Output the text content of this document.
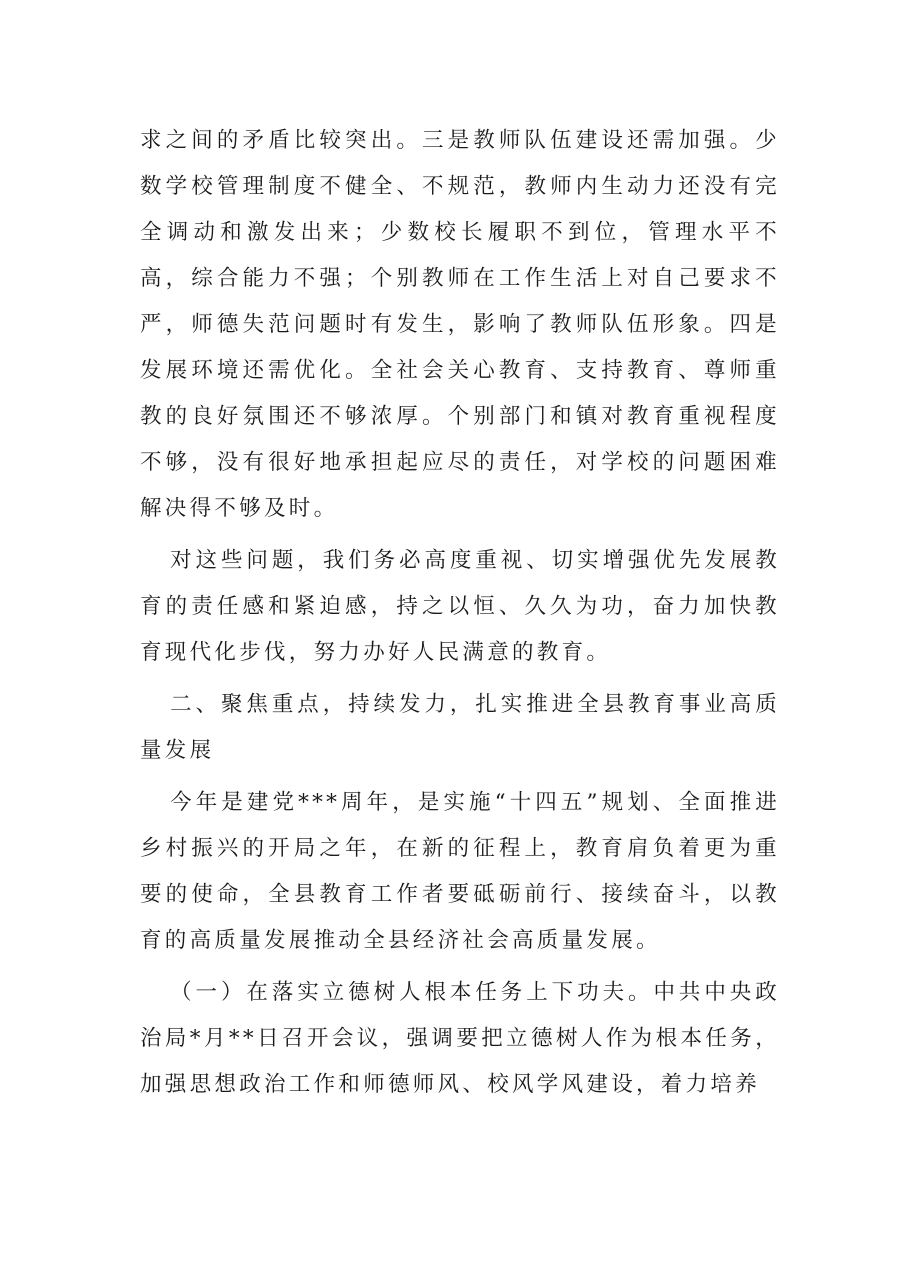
求之间的矛盾比较突出。三是教师队伍建设还需加强。少数学校管理制度不健全、不规范，教师内生动力还没有完全调动和激发出来；少数校长履职不到位，管理水平不高，综合能力不强；个别教师在工作生活上对自己要求不严，师德失范问题时有发生，影响了教师队伍形象。四是发展环境还需优化。全社会关心教育、支持教育、尊师重教的良好氛围还不够浓厚。个别部门和镇对教育重视程度不够，没有很好地承担起应尽的责任，对学校的问题困难解决得不够及时。

对这些问题，我们务必高度重视、切实增强优先发展教育的责任感和紧迫感，持之以恒、久久为功，奋力加快教育现代化步伐，努力办好人民满意的教育。

二、聚焦重点，持续发力，扎实推进全县教育事业高质量发展

今年是建党***周年，是实施“十四五”规划、全面推进乡村振兴的开局之年，在新的征程上，教育肩负着更为重要的使命，全县教育工作者要砥砺前行、接续奋斗，以教育的高质量发展推动全县经济社会高质量发展。

（一）在落实立德树人根本任务上下功夫。中共中央政治局*月**日召开会议，强调要把立德树人作为根本任务，加强思想政治工作和师德师风、校风学风建设，着力培养
